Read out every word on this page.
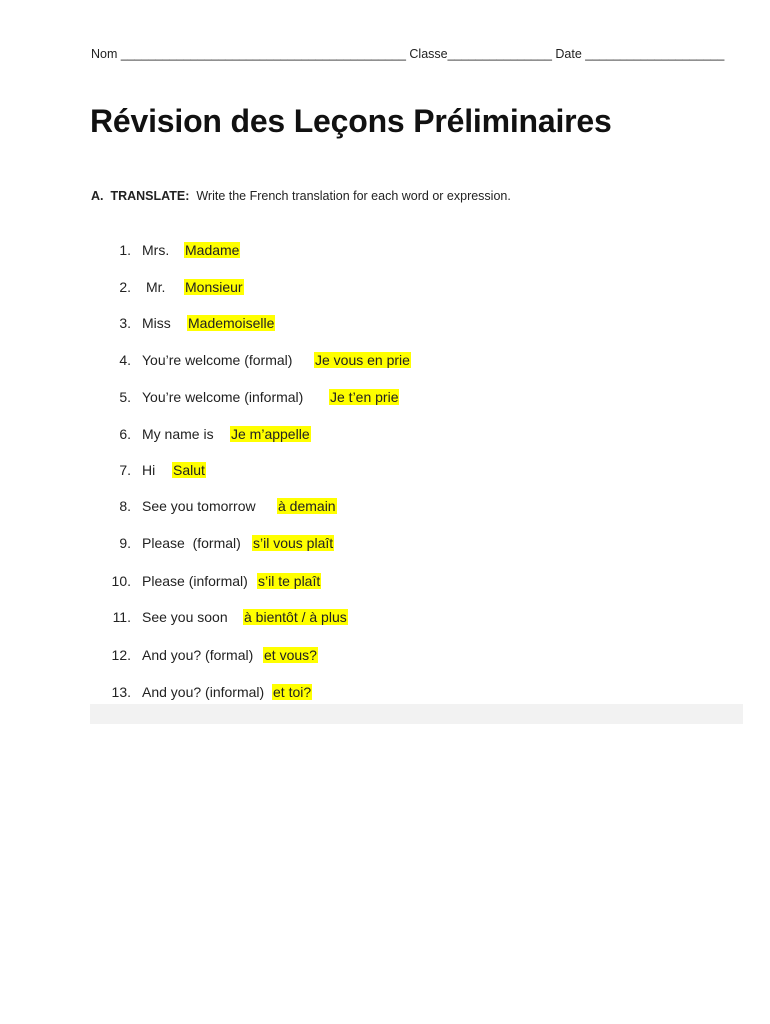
Nom _________________________________________ Classe_______________ Date ____________________
Révision des Leçons Préliminaires
A. TRANSLATE: Write the French translation for each word or expression.
1. Mrs. Madame
2. Mr. Monsieur
3. Miss Mademoiselle
4. You’re welcome (formal) Je vous en prie
5. You’re welcome (informal) Je t’en prie
6. My name is Je m’appelle
7. Hi Salut
8. See you tomorrow à demain
9. Please  (formal) s’il vous plaît
10. Please (informal) s’il te plaît
11. See you soon à bientôt / à plus
12. And you? (formal) et vous?
13. And you? (informal) et toi?
